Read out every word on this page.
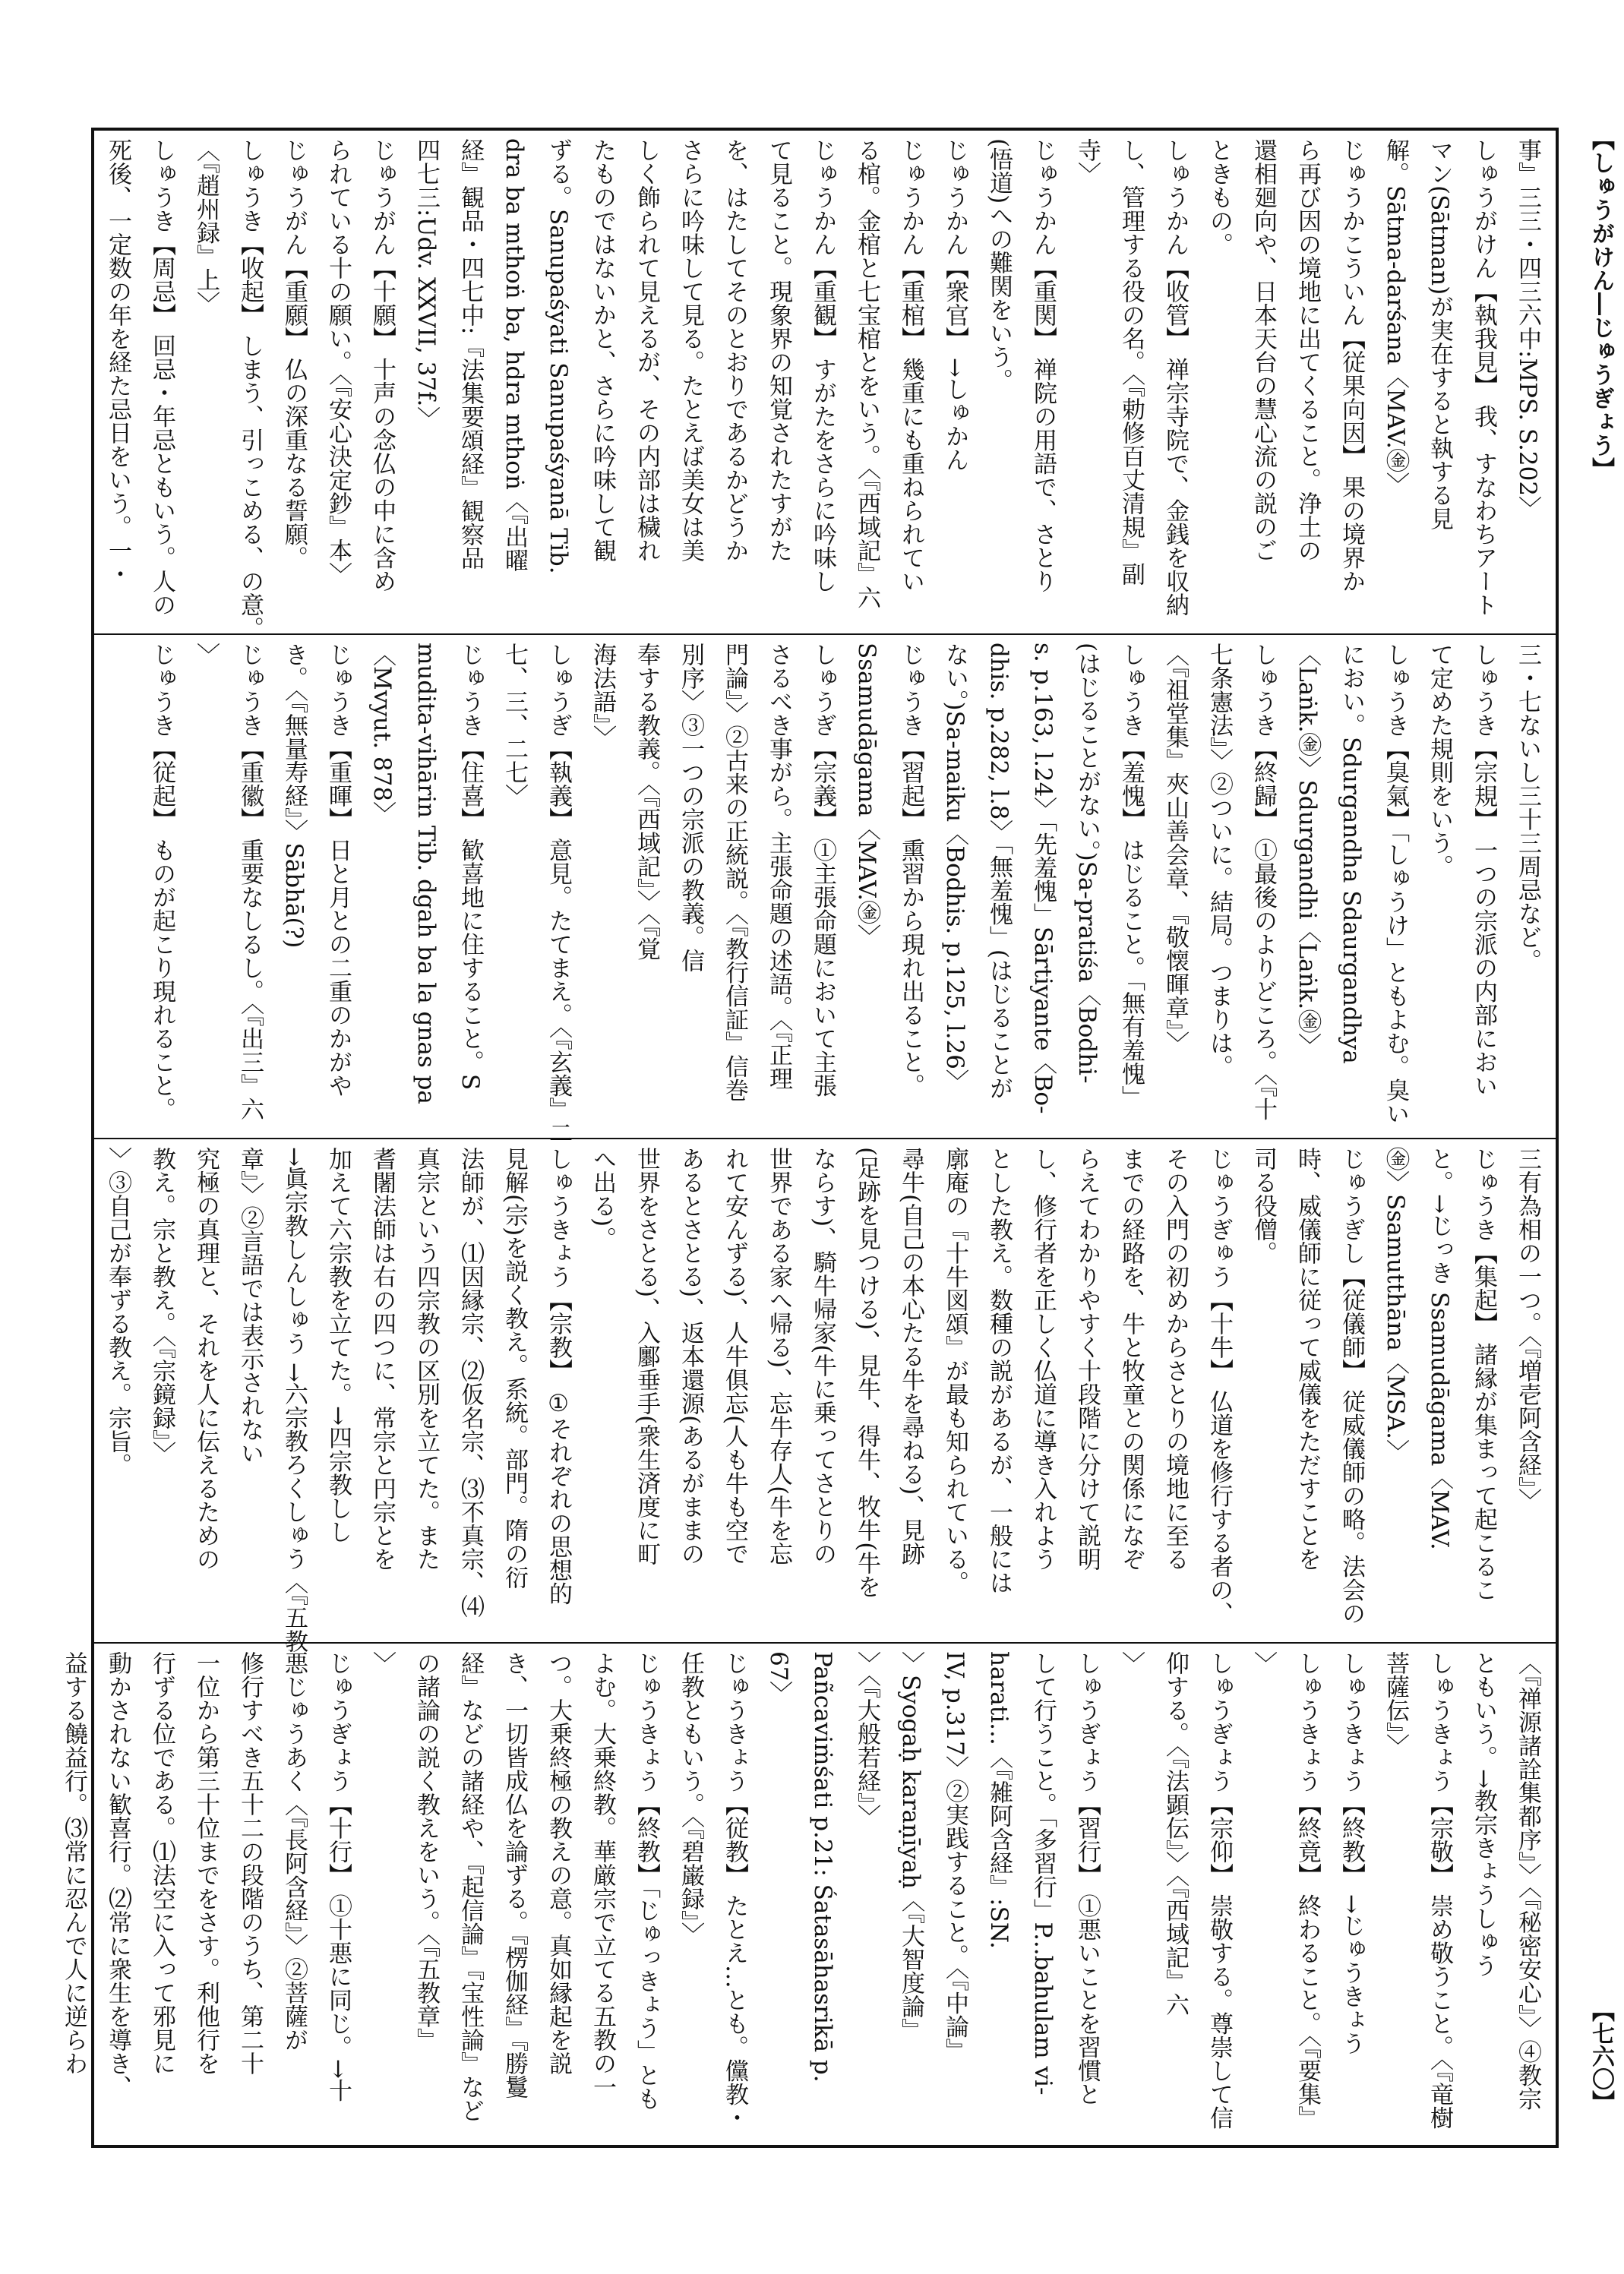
【しゅうがけん―じゅうぎょう】
【七六〇】
事』三三・四三六中:MPS. S.202〉
しゅうがけん【執我見】 我、すなわちアート
マン(Sātman)が実在すると執する見
解。Sātma-darśana〈MAV.㊎〉
じゅうかこういん【従果向因】 果の境界か
ら再び因の境地に出てくること。浄土の
還相廻向や、日本天台の慧心流の説のご
ときもの。
しゅうかん【收管】 禅宗寺院で、金銭を収納
し、管理する役の名。〈『勅修百丈清規』副
寺〉
じゅうかん【重関】 禅院の用語で、さとり
(悟道)への難関をいう。
じゅうかん【衆官】 →しゅかん
じゅうかん【重棺】 幾重にも重ねられてい
る棺。金棺と七宝棺とをいう。〈『西域記』六
じゅうかん【重観】 すがたをさらに吟味し
て見ること。現象界の知覚されたすがた
を、はたしてそのとおりであるかどうか
さらに吟味して見る。たとえば美女は美
しく飾られて見えるが、その内部は穢れ
たものではないかと、さらに吟味して観
ずる。Sanupaśyati Sanupaśyanā Tib.
dra ba mthoṅ ba, hdra mthoṅ〈『出曜
経』観品・四七中:『法集要頌経』観察品
四七三:Udv. XXVII, 37f.〉
じゅうがん【十願】 十声の念仏の中に含め
られている十の願い。〈『安心決定鈔』本〉
じゅうがん【重願】 仏の深重なる誓願。
しゅうき【收起】 しまう、引っこめる、の意。
〈『趙州録』上〉
しゅうき【周忌】 回忌・年忌ともいう。人の
死後、一定数の年を経た忌日をいう。一・
三・七ないし三十三周忌など。
しゅうき【宗規】 一つの宗派の内部におい
て定めた規則をいう。
しゅうき【臭氣】「しゅうけ」ともよむ。臭い
におい。Sdurgandha Sdaurgandhya
〈Laṅk.㊎〉Sdurgandhi〈Laṅk.㊎〉
しゅうき【終歸】 ①最後のよりどころ。〈『十
七条憲法』〉②ついに。結局。つまりは。
〈『祖堂集』夾山善会章、『敬懐暉章』〉
しゅうき【羞愧】 はじること。「無有羞愧」
(はじることがない。)Sa-pratiśa〈Bodhi-
s. p.163, l.24〉「先羞愧」Sārtiyante〈Bo-
dhis. p.282, l.8〉「無羞愧」(はじることが
ない。)Sa-maiku〈Bodhis. p.125, l.26〉
じゅうき【習起】 熏習から現れ出ること。
Ssamudāgama〈MAV.㊎〉
しゅうぎ【宗義】 ①主張命題において主張
さるべき事がら。主張命題の述語。〈『正理
門論』〉②古来の正統説。〈『教行信証』信巻
別序〉③一つの宗派の教義。信
奉する教義。〈『西域記』〉〈『覚
海法語』〉
しゅうぎ【執義】 意見。たてまえ。〈『玄義』二
七、三、二七〉
じゅうき【住喜】 歓喜地に住すること。S
mudita-vihārin Tib. dgah ba la gnas pa
〈Mvyut. 878〉
じゅうき【重暉】 日と月との二重のかがや
き。〈『無量寿経』〉Sābhā(?)
じゅうき【重徽】 重要なしるし。〈『出三』六
〉
じゅうき【従起】 ものが起こり現れること。
三有為相の一つ。〈『増壱阿含経』〉
じゅうき【集起】 諸縁が集まって起こるこ
と。→じっき Ssamudāgama〈MAV.
㊎〉Ssamutthāna〈MSA.〉
じゅうぎし【従儀師】 従威儀師の略。法会の
時、威儀師に従って威儀をただすことを
司る役僧。
じゅうぎゅう【十牛】 仏道を修行する者の、
その入門の初めからさとりの境地に至る
までの経路を、牛と牧童との関係になぞ
らえてわかりやすく十段階に分けて説明
し、修行者を正しく仏道に導き入れよう
とした教え。数種の説があるが、一般には
廓庵の『十牛図頌』が最も知られている。
尋牛(自己の本心たる牛を尋ねる)、見跡
(足跡を見つける)、見牛、得牛、牧牛(牛を
ならす)、騎牛帰家(牛に乗ってさとりの
世界である家へ帰る)、忘牛存人(牛を忘
れて安んずる)、人牛俱忘(人も牛も空で
あるとさとる)、返本還源(あるがままの
世界をさとる)、入鄽垂手(衆生済度に町
へ出る)。
しゅうきょう【宗教】 ①それぞれの思想的
見解(宗)を説く教え。系統。部門。隋の衍
法師が、⑴因縁宗、⑵仮名宗、⑶不真宗、⑷
真宗という四宗教の区別を立てた。また
耆闍法師は右の四つに、常宗と円宗とを
加えて六宗教を立てた。→四宗教しし
→眞宗教しんしゅう →六宗教ろくしゅう〈『五教
章』〉②言語では表示されない
究極の真理と、それを人に伝えるための
教え。宗と教え。〈『宗鏡録』〉
〉③自己が奉ずる教え。宗旨。
〈『禅源諸詮集都序』〉〈『秘密安心』〉④教宗
ともいう。→教宗きょうしゅう
しゅうきょう【宗敬】 崇め敬うこと。〈『竜樹
菩薩伝』〉
しゅうきょう【終教】 →じゅうきょう
しゅうきょう【終竟】 終わること。〈『要集』
〉
しゅうぎょう【宗仰】 崇敬する。尊崇して信
仰する。〈『法顕伝』〉〈『西域記』六
〉
しゅうぎょう【習行】 ①悪いことを習慣と
して行うこと。「多習行」P...bahulam vi-
harati...〈『雑阿含経』:SN.
IV, p.317〉②実践すること。〈『中論』
〉Syogaḥ karaṇīyaḥ〈『大智度論』
〉〈『大般若経』〉
Pañcaviṁśati p.21: Śatasāhasrikā p.
67〉
じゅうきょう【従教】 たとえ…とも。儻教・
任教ともいう。〈『碧巌録』〉
じゅうきょう【終教】「じゅっきょう」とも
よむ。大乗終教。華厳宗で立てる五教の一
つ。大乗終極の教えの意。真如縁起を説
き、一切皆成仏を論ずる。『楞伽経』『勝鬘
経』などの諸経や、『起信論』『宝性論』など
の諸論の説く教えをいう。〈『五教章』
〉
じゅうぎょう【十行】 ①十悪に同じ。→十
悪じゅうあく〈『長阿含経』〉②菩薩が
修行すべき五十二の段階のうち、第二十
一位から第三十位までをさす。利他行を
行ずる位である。⑴法空に入って邪見に
動かされない歓喜行。⑵常に衆生を導き、
益する饒益行。⑶常に忍んで人に逆らわ
